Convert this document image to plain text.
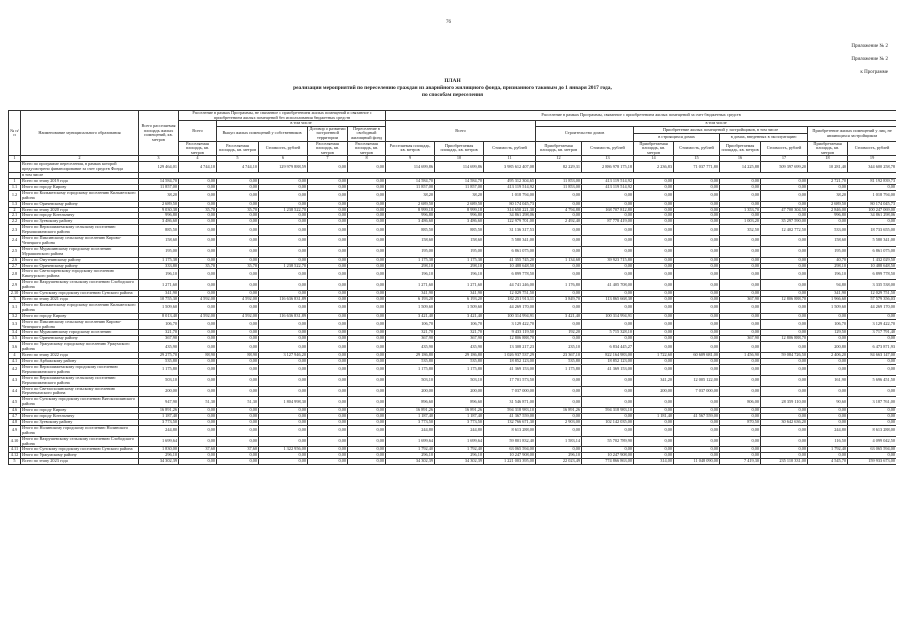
76
Приложение № 2
Приложение № 2
к Программе
ПЛАН
реализации мероприятий по переселению граждан из аварийного жилищного фонда, признанного таковым до 1 января 2017 года,
по способам переселения
№ п/п	Наименование муниципального образования	Всего расселяемая площадь жилых помещений, кв. метров	Расселение в рамках Программы, не связанное с приобретением жилых помещений и связанное с приобретением жилых помещений без использования бюджетных средств					Расселение в рамках Программы, связанное с приобретением жилых помещений за счет бюджетных средств										
			Всего	в том числе				Всего			в том числе							
				Выкуп жилых помещений у собственников		Договор о развитии застроенной территории	Переселение в свободный жилищный фонд				Строительство домов		Приобретение жилых помещений у застройщиков, в том числе				Приобретение жилых помещений у лиц, не являющихся застройщиком	
													в строящихся домах		в домах, введенных в эксплуатацию			
			Расселяемая площадь, кв. метров	Расселяемая площадь, кв. метров	Стоимость, рублей	Расселяемая площадь, кв. метров	Расселяемая площадь, кв. метров	Расселяемая площадь, кв. метров	Приобретаемая площадь, кв. метров	Стоимость, рублей	Приобретаемая площадь, кв. метров	Стоимость, рублей	Приобретаемая площадь, кв. метров	Стоимость, рублей	Приобретаемая площадь, кв. метров	Стоимость, рублей	Приобретаемая площадь, кв. метров	Стоимость, рублей
1	2	3	4	5	6	7	8	9	10	11	12	13	14	15	16	17	18	19
	Всего по программе переселения, в рамках которой предусмотрено финансирование за счет средств Фонда	129 464,01	4 744,10	4 744,10	129 979 888,59	0,00	0,00	114 699,86	114 699,86	3 985 612 407,08	82 229,31	2 886 978 175,18	2 236,83	71 037 771,80	14 225,88	509 397 699,20	10 281,40	344 600 258,78
	в том числе																	
1	Всего по этапу 2019 года	14 584,70	0,00	0,00	0,00	0,00	0,00	14 584,70	14 584,70	495 312 304,65	11 853,00	413 119 514,92	0,00	0,00	0,00	0,00	2 721,70	81 192 839,73
1.1	Итого по городу Кирову	11 857,00	0,00	0,00	0,00	0,00	0,00	11 857,00	11 857,00	413 119 514,92	11 853,00	413 119 514,92	0,00	0,00	0,00	0,00	0,00	0,00
1.2	Итого по Кильмезскому городскому поселению Кильмезского района	38,20	0,00	0,00	0,00	0,00	0,00	38,20	38,20	1 018 794,00	0,00	0,00	0,00	0,00	0,00	0,00	38,20	1 018 794,00
1.3	Итого по Оричевскому району	2 689,50	0,00	0,00	0,00	0,00	0,00	2 689,50	2 689,50	80 174 045,73	0,00	0,00	0,00	0,00	0,00	0,00	2 689,50	80 174 045,73
2	Всего по этапу 2020 года	9 030,38	35,70	35,70	1 238 522,70	0,00	0,00	8 999,18	8 999,18	314 650 221,30	4 794,88	168 707 812,80	0,00	0,00	1 353,70	47 700 304,50	2 846,00	100 247 069,00
2.1	Итого по городу Котельничу	996,80	0,00	0,00	0,00	0,00	0,00	996,80	996,80	34 861 298,06	0,00	0,00	0,00	0,00	0,00	0,00	996,80	34 861 298,06
2.2	Итого по Зуевскому району	3 486,60	0,00	0,00	0,00	0,00	0,00	3 486,60	3 486,60	122 979 701,00	2 492,40	87 778 419,00	0,00	0,00	1 003,20	35 297 590,00	0,00	0,00
2.3	Итого по Верхошижемскому сельскому поселению Верхошижемского района	885,50	0,00	0,00	0,00	0,00	0,00	885,50	885,50	31 136 317,53	0,00	0,00	0,00	0,00	352,50	12 402 772,50	533,00	18 733 655,00
2.4	Итого по Пиксинскому сельскому поселению Кирово-Чепецкого района	158,60	0,00	0,00	0,00	0,00	0,00	158,60	158,60	5 580 341,00	0,00	0,00	0,00	0,00	0,00	0,00	158,60	5 580 341,00
2.5	Итого по Мурашинскому городскому поселению Мурашинского района	195,00	0,00	0,00	0,00	0,00	0,00	195,00	195,00	6 861 075,00	0,00	0,00	0,00	0,00	0,00	0,00	195,00	6 861 075,00
2.6	Итого по Омутнинскому району	1 175,38	0,00	0,00	0,00	0,00	0,00	1 175,38	1 175,38	41 355 745,20	1 134,68	39 923 715,80	0,00	0,00	0,00	0,00	40,70	1 432 029,50
2.7	Итого по Оричевскому району	333,80	35,70	35,70	1 238 522,70	0,00	0,00	298,10	298,10	10 488 648,50	0,00	0,00	0,00	0,00	0,00	0,00	298,10	10 488 648,50
2.8	Итого по Светозаревскому городскому поселению Кикнурского района	196,10	0,00	0,00	0,00	0,00	0,00	196,10	196,10	6 899 778,50	0,00	0,00	0,00	0,00	0,00	0,00	196,10	6 899 778,50
2.9	Итого по Вахрушевскому сельскому поселению Слободского района	1 271,60	0,00	0,00	0,00	0,00	0,00	1 271,60	1 271,60	44 741 246,00	1 176,80	41 405 708,00	0,00	0,00	0,00	0,00	94,80	3 335 538,00
2.10	Итого по Сунскому городскому поселению Сунского района	341,90	0,00	0,00	0,00	0,00	0,00	341,90	341,90	12 029 751,50	0,00	0,00	0,00	0,00	0,00	0,00	341,90	12 029 751,50
3	Всего по этапу 2021 года	10 755,30	4 592,00	4 592,00	116 636 831,89	0,00	0,00	6 193,20	6 193,20	182 251 913,11	3 849,70	113 865 668,38	0,00	0,00	367,90	12 806 888,70	1 966,60	57 579 356,03
3.1	Итого по Кильмезскому городскому поселению Кильмезского района	1 509,60	0,00	0,00	0,00	0,00	0,00	1 509,60	1 509,60	44 269 170,00	0,00	0,00	0,00	0,00	0,00	0,00	1 509,60	44 269 170,00
3.2	Итого по городу Кирову	8 013,40	4 592,00	4 592,00	116 636 831,89	0,00	0,00	3 421,40	3 421,40	100 314 994,91	3 421,40	100 314 994,91	0,00	0,00	0,00	0,00	0,00	0,00
3.3	Итого по Пиксинскому сельскому поселению Кирово-Чепецкого района	106,70	0,00	0,00	0,00	0,00	0,00	106,70	106,70	3 129 422,70	0,00	0,00	0,00	0,00	0,00	0,00	106,70	3 129 422,70
3.4	Итого по Мурашинскому городскому поселению	321,70	0,00	0,00	0,00	0,00	0,00	321,70	321,70	9 433 119,50	192,20	5 715 328,10	0,00	0,00	0,00	0,00	129,50	3 717 791,40
3.5	Итого по Оричевскому району	367,90	0,00	0,00	0,00	0,00	0,00	367,90	367,90	12 806 888,70	0,00	0,00	0,00	0,00	367,90	12 806 888,70	0,00	0,00
3.6	Итого по Уржумскому городскому поселению Уржумского района	435,90	0,00	0,00	0,00	0,00	0,00	435,90	435,90	13 308 217,23	235,10	6 834 445,27	0,00	0,00	0,00	0,00	200,80	6 473 871,93
4	Всего по этапу 2022 года	29 275,70	88,90	88,90	3 127 946,20	0,00	0,00	29 186,80	29 186,80	1 026 937 537,29	23 367,10	822 164 983,00	1 722,60	60 609 681,00	1 456,90	59 084 726,50	2 406,20	84 663 147,00
4.1	Итого по Арбажскому району	535,80	0,00	0,00	0,00	0,00	0,00	535,80	535,80	18 852 123,00	535,80	18 852 123,00	0,00	0,00	0,00	0,00	0,00	0,00
4.2	Итого по Верхошижемскому городскому поселению Верхошижемского района	1 175,80	0,00	0,00	0,00	0,00	0,00	1 175,80	1 175,80	41 369 153,00	1 175,80	41 369 153,00	0,00	0,00	0,00	0,00	0,00	0,00
4.3	Итого по Верхошижемскому сельскому поселению Верхошижемского района	503,10	0,00	0,00	0,00	0,00	0,00	503,10	503,10	17 701 573,50	0,00	0,00	341,20	12 005 122,00	0,00	0,00	161,90	5 696 451,50
4.4	Итого по Светлополянскому сельскому поселению Верхнекамского района	200,00	0,00	0,00	0,00	0,00	0,00	200,00	200,00	7 037 000,00	0,00	0,00	200,00	7 037 000,00	0,00	0,00	0,00	0,00
4.5	Итого по Сунскому городскому поселению Вятскополянского района	947,90	51,30	51,30	1 804 998,30	0,00	0,00	896,60	896,60	31 546 871,00	0,00	0,00	0,00	0,00	806,00	28 359 110,00	90,60	3 187 761,00
4.6	Итого по городу Кирову	16 891,26	0,00	0,00	0,00	0,00	0,00	16 891,26	16 891,26	594 318 983,10	16 891,26	594 318 983,10	0,00	0,00	0,00	0,00	0,00	0,00
4.7	Итого по городу Котельничу	1 187,40	0,00	0,00	0,00	0,00	0,00	1 187,40	1 187,40	41 367 559,00	0,00	0,00	1 181,40	41 567 559,00	0,00	0,00	0,00	0,00
4.8	Итого по Зуевскому району	3 773,50	0,00	0,00	0,00	0,00	0,00	3 773,50	3 773,50	132 766 671,30	2 903,00	102 142 035,00	0,00	0,00	870,50	30 642 636,20	0,00	0,00
4.9	Итого по Нолинскому городскому поселению Нолинского района	244,80	0,00	0,00	0,00	0,00	0,00	244,80	244,80	8 613 288,00	0,00	0,00	0,00	0,00	0,00	0,00	244,80	8 613 288,00
4.10	Итого по Вахрушевскому сельскому поселению Слободского района	1 699,64	0,00	0,00	0,00	0,00	0,00	1 699,64	1 699,64	59 801 832,40	1 583,14	55 702 789,90	0,00	0,00	0,00	0,00	116,50	4 099 042,50
4.11	Итого по Сунскому городскому поселению Сунского района	1 830,00	37,60	37,60	1 322 956,00	0,00	0,00	1 792,40	1 792,40	63 065 594,00	0,00	0,00	0,00	0,00	0,00	0,00	1 792,40	63 065 594,00
4.12	Итого по Уржумскому району	296,10	0,00	0,00	0,00	0,00	0,00	296,10	296,10	10 247 908,00	296,10	10 247 908,00	0,00	0,00	0,00	0,00	0,00	0,00
5	Всего по этапу 2023 года	34 302,39	0,00	0,00	0,00	0,00	0,00	34 302,39	34 302,39	1 221 003 395,00	22 023,49	774 866 863,00	314,00	11 048 090,00	7 419,30	235 110 331,00	4 545,70	159 933 673,00
